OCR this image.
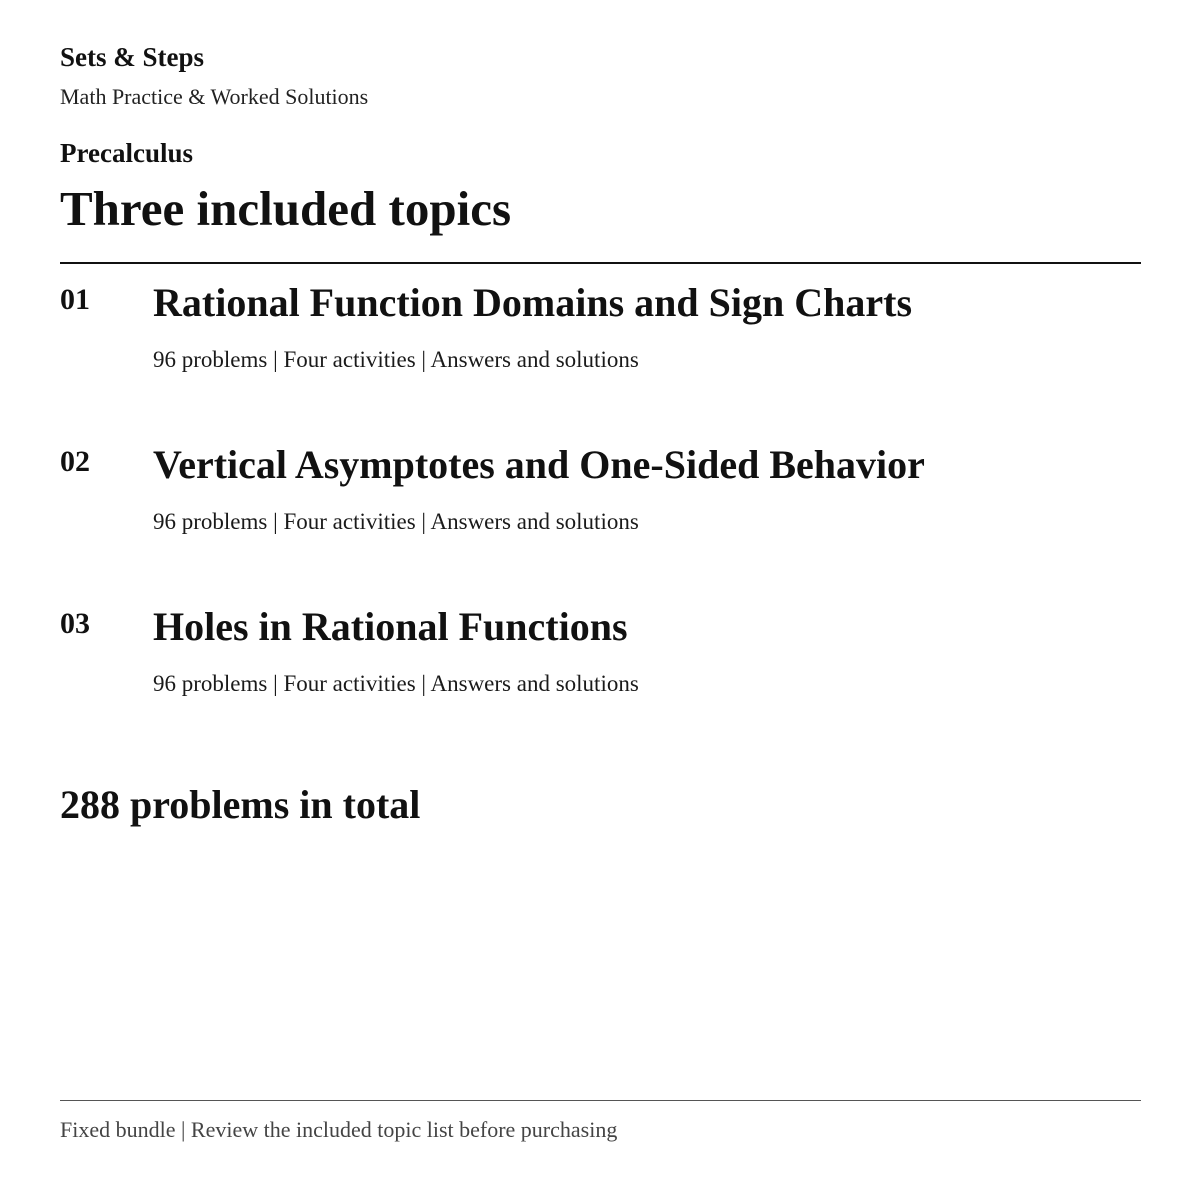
Sets & Steps
Math Practice & Worked Solutions
Precalculus
Three included topics
01 Rational Function Domains and Sign Charts
96 problems | Four activities | Answers and solutions
02 Vertical Asymptotes and One-Sided Behavior
96 problems | Four activities | Answers and solutions
03 Holes in Rational Functions
96 problems | Four activities | Answers and solutions
288 problems in total
Fixed bundle | Review the included topic list before purchasing
